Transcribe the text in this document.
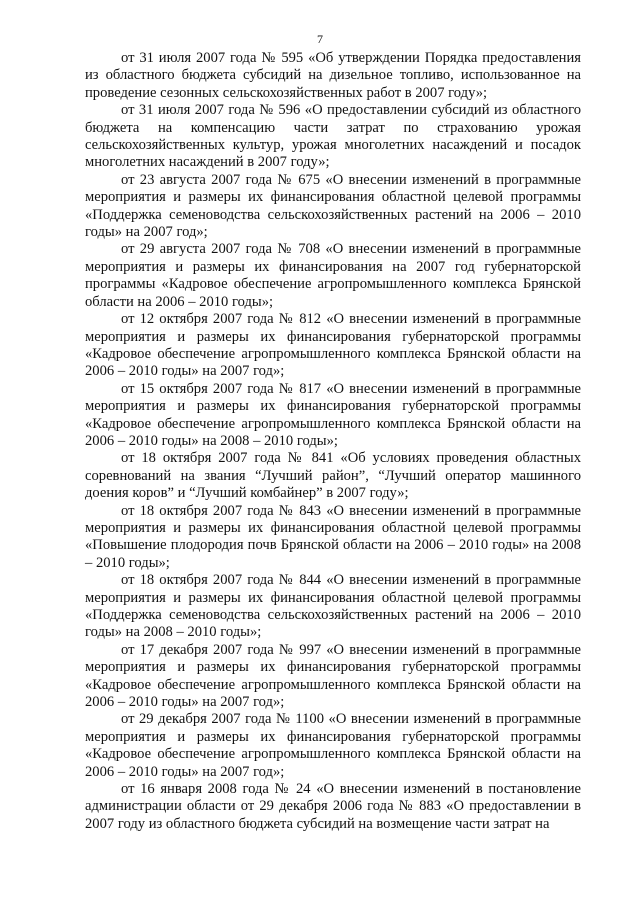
7

от 31 июля 2007 года № 595 «Об утверждении Порядка предоставления из областного бюджета субсидий на дизельное топливо, использованное на проведение сезонных сельскохозяйственных работ в 2007 году»;

от 31 июля 2007 года № 596 «О предоставлении субсидий из областного бюджета на компенсацию части затрат по страхованию урожая сельскохозяйственных культур, урожая многолетних насаждений и посадок многолетних насаждений в 2007 году»;

от 23 августа 2007 года № 675 «О внесении изменений в программные мероприятия и размеры их финансирования областной целевой программы «Поддержка семеноводства сельскохозяйственных растений на 2006 – 2010 годы» на 2007 год»;

от 29 августа 2007 года № 708 «О внесении изменений в программные мероприятия и размеры их финансирования на 2007 год губернаторской программы «Кадровое обеспечение агропромышленного комплекса Брянской области на 2006 – 2010 годы»;

от 12 октября 2007 года № 812 «О внесении изменений в программные мероприятия и размеры их финансирования губернаторской программы «Кадровое обеспечение агропромышленного комплекса Брянской области на 2006 – 2010 годы» на 2007 год»;

от 15 октября 2007 года № 817 «О внесении изменений в программные мероприятия и размеры их финансирования губернаторской программы «Кадровое обеспечение агропромышленного комплекса Брянской области на 2006 – 2010 годы» на 2008 – 2010 годы»;

от 18 октября 2007 года № 841 «Об условиях проведения областных соревнований на звания “Лучший район”, “Лучший оператор машинного доения коров” и “Лучший комбайнер” в 2007 году»;

от 18 октября 2007 года № 843 «О внесении изменений в программные мероприятия и размеры их финансирования областной целевой программы «Повышение плодородия почв Брянской области на 2006 – 2010 годы» на 2008 – 2010 годы»;

от 18 октября 2007 года № 844 «О внесении изменений в программные мероприятия и размеры их финансирования областной целевой программы «Поддержка семеноводства сельскохозяйственных растений на 2006 – 2010 годы» на 2008 – 2010 годы»;

от 17 декабря 2007 года № 997 «О внесении изменений в программные мероприятия и размеры их финансирования губернаторской программы «Кадровое обеспечение агропромышленного комплекса Брянской области на 2006 – 2010 годы» на 2007 год»;

от 29 декабря 2007 года № 1100 «О внесении изменений в программные мероприятия и размеры их финансирования губернаторской программы «Кадровое обеспечение агропромышленного комплекса Брянской области на 2006 – 2010 годы» на 2007 год»;

от 16 января 2008 года № 24 «О внесении изменений в постановление администрации области от 29 декабря 2006 года № 883 «О предоставлении в 2007 году из областного бюджета субсидий на возмещение части затрат на
